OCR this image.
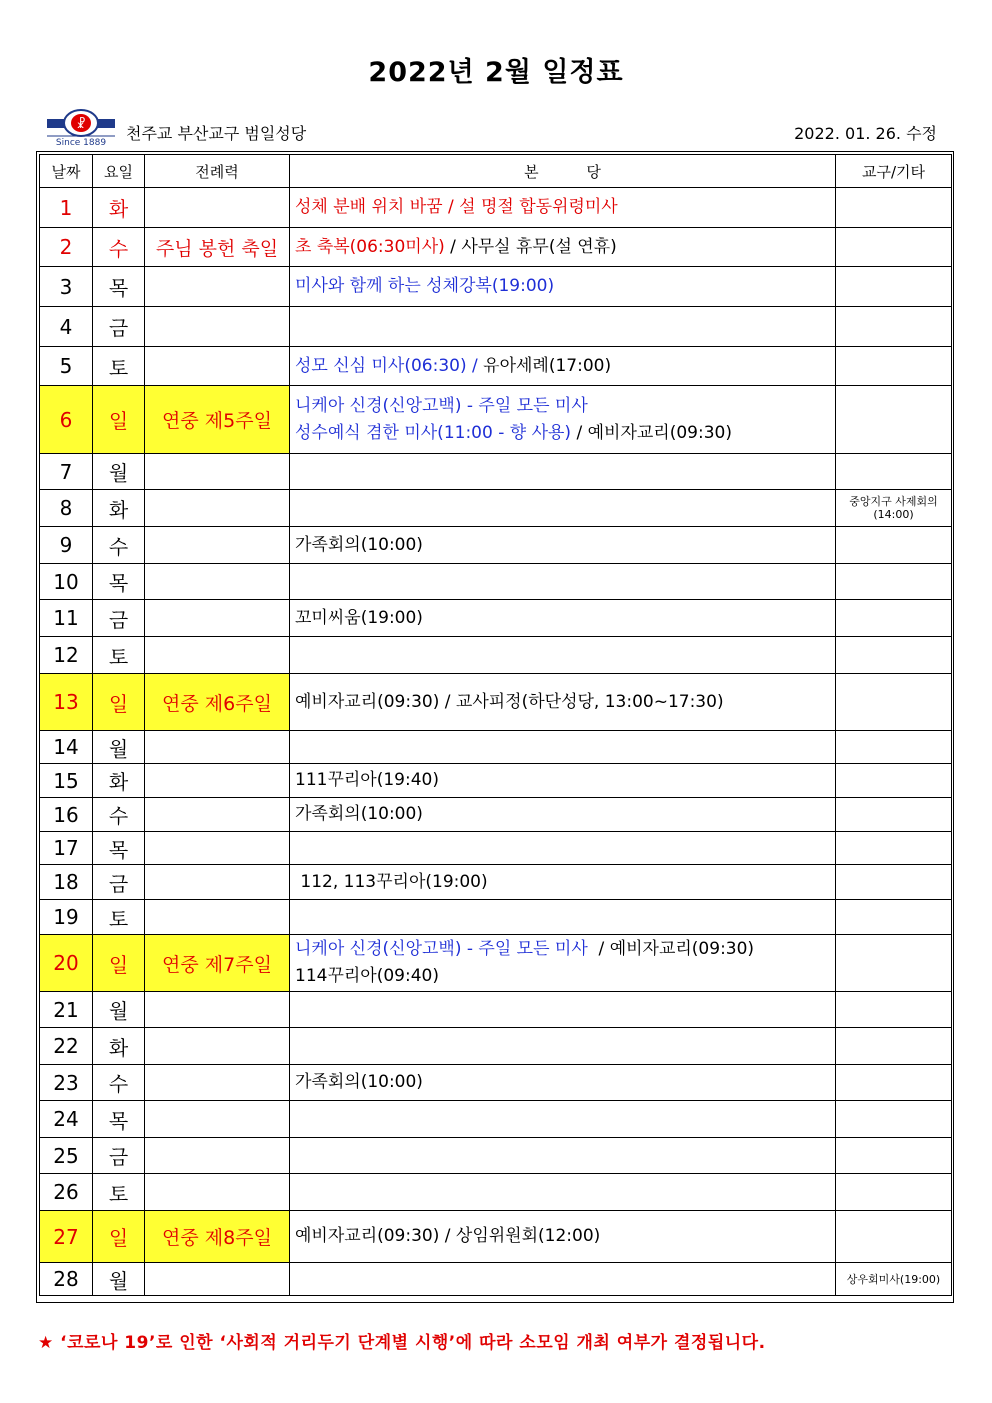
2022년 2월 일정표
☧
Since 1889 천주교 부산교구 범일성당	2022. 01. 26. 수정
날짜	요일	전례력	본          당	교구/기타
1	화		성체 분배 위치 바꿈 / 설 명절 합동위령미사	

2	수	주님 봉헌 축일	초 축복(06:30미사) / 사무실 휴무(설 연휴)	

3	목		미사와 함께 하는 성체강복(19:00)	

4	금			
5	토		성모 신심 미사(06:30) / 유아세례(17:00)	

6	일	연중 제5주일	니케아 신경(신앙고백) - 주일 모든 미사
성수예식 겸한 미사(11:00 - 향 사용) / 예비자교리(09:30)	

7	월			
8	화			중앙지구 사제회의
(14:00)
9	수		가족회의(10:00)	

10	목			
11	금		꼬미씨움(19:00)	

12	토			
13	일	연중 제6주일	예비자교리(09:30) / 교사피정(하단성당, 13:00~17:30)	

14	월			
15	화		111꾸리아(19:40)	

16	수		가족회의(10:00)	

17	목			
18	금		112, 113꾸리아(19:00)	

19	토			
20	일	연중 제7주일	니케아 신경(신앙고백) - 주일 모든 미사  / 예비자교리(09:30)
114꾸리아(09:40)	

21	월			
22	화			
23	수		가족회의(10:00)	

24	목			
25	금			
26	토			
27	일	연중 제8주일	예비자교리(09:30) / 상임위원회(12:00)	

28	월			상우회미사(19:00)
★ ‘코로나 19’로 인한 ‘사회적 거리두기 단계별 시행’에 따라 소모임 개최 여부가 결정됩니다.
